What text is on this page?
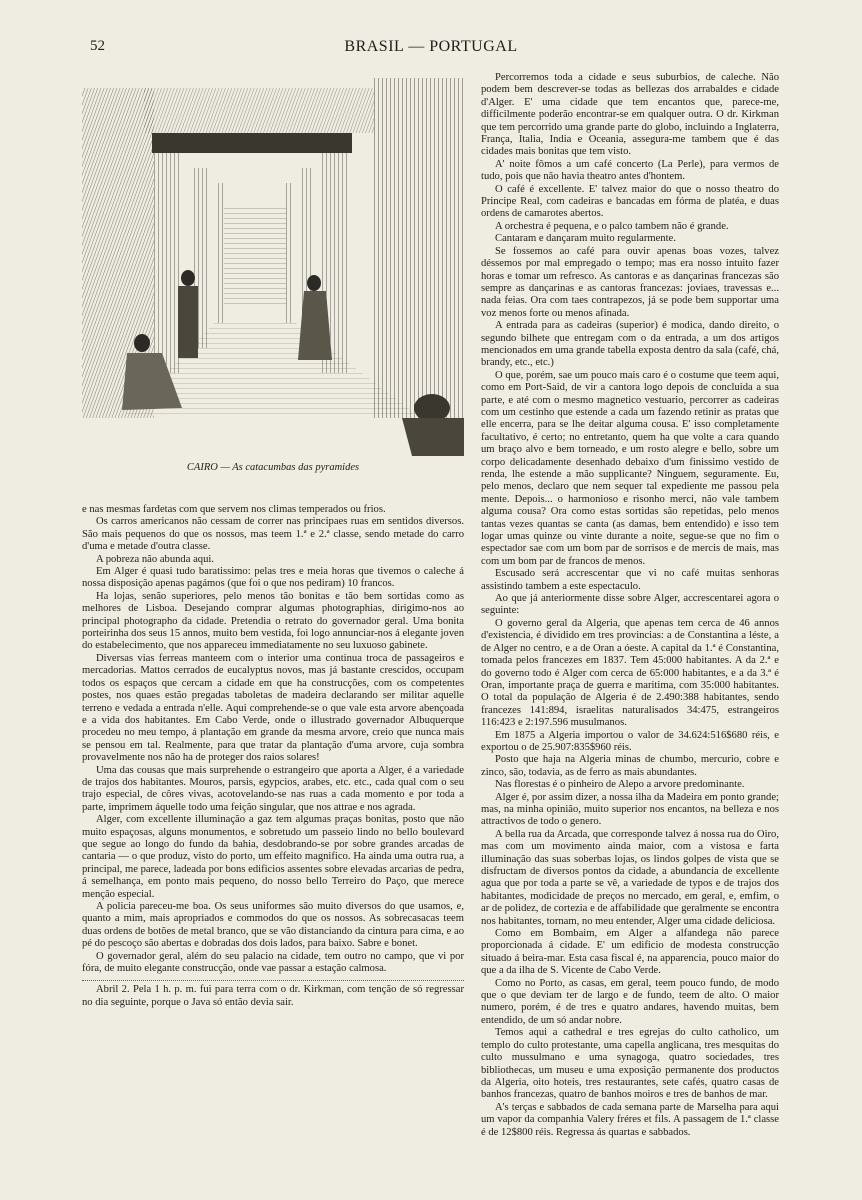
52	BRASIL — PORTUGAL
CAIRO — As catacumbas das pyramides

e nas mesmas fardetas com que servem nos climas temperados ou frios.

Os carros americanos não cessam de correr nas principaes ruas em sentidos diversos. São mais pequenos do que os nossos, mas teem 1.ª e 2.ª classe, sendo metade do carro d'uma e metade d'outra classe.

A pobreza não abunda aqui.

Em Alger é quasi tudo baratissimo: pelas tres e meia horas que tivemos o caleche á nossa disposição apenas pagámos (que foi o que nos pediram) 10 francos.

Ha lojas, senão superiores, pelo menos tão bonitas e tão bem sortidas como as melhores de Lisboa. Desejando comprar algumas photographias, dirigimo-nos ao principal photographo da cidade. Pretendia o retrato do governador geral. Uma bonita porteirinha dos seus 15 annos, muito bem vestida, foi logo annunciar-nos á elegante joven do estabelecimento, que nos appareceu immediatamente no seu luxuoso gabinete.

Diversas vias ferreas manteem com o interior uma continua troca de passageiros e mercadorias. Mattos cerrados de eucalyptus novos, mas já bastante crescidos, occupam todos os espaços que cercam a cidade em que ha construcções, com os competentes postes, nos quaes estão pregadas taboletas de madeira declarando ser militar aquelle terreno e vedada a entrada n'elle. Aqui comprehende-se o que vale esta arvore abençoada e a vida dos habitantes. Em Cabo Verde, onde o illustrado governador Albuquerque procedeu no meu tempo, á plantação em grande da mesma arvore, creio que nunca mais se pensou em tal. Realmente, para que tratar da plantação d'uma arvore, cuja sombra provavelmente nos não ha de proteger dos raios solares!

Uma das cousas que mais surprehende o estrangeiro que aporta a Alger, é a variedade de trajos dos habitantes. Mouros, parsis, egypcios, arabes, etc. etc., cada qual com o seu trajo especial, de côres vivas, acotovelando-se nas ruas a cada momento e por toda a parte, imprimem áquelle todo uma feição singular, que nos attrae e nos agrada.

Alger, com excellente illuminação a gaz tem algumas praças bonitas, posto que não muito espaçosas, alguns monumentos, e sobretudo um passeio lindo no bello boulevard que segue ao longo do fundo da bahia, desdobrando-se por sobre grandes arcadas de cantaria — o que produz, visto do porto, um effeito magnifico. Ha ainda uma outra rua, a principal, me parece, ladeada por bons edificios assentes sobre elevadas arcarias de pedra, á semelhança, em ponto mais pequeno, do nosso bello Terreiro do Paço, que merece menção especial.

A policia pareceu-me boa. Os seus uniformes são muito diversos do que usamos, e, quanto a mim, mais apropriados e commodos do que os nossos. As sobrecasacas teem duas ordens de botões de metal branco, que se vão distanciando da cintura para cima, e ao pé do pescoço são abertas e dobradas dos dois lados, para baixo. Sabre e bonet.

O governador geral, além do seu palacio na cidade, tem outro no campo, que vi por fóra, de muito elegante construcção, onde vae passar a estação calmosa.

Abril 2. Pela 1 h. p. m. fui para terra com o dr. Kirkman, com tenção de só regressar no dia seguinte, porque o Java só então devia sair.

Percorremos toda a cidade e seus suburbios, de caleche. Não podem bem descrever-se todas as bellezas dos arrabaldes e cidade d'Alger. E' uma cidade que tem encantos que, parece-me, difficilmente poderão encontrar-se em qualquer outra. O dr. Kirkman que tem percorrido uma grande parte do globo, incluindo a Inglaterra, França, Italia, India e Oceania, assegura-me tambem que é das cidades mais bonitas que tem visto.

A' noite fômos a um café concerto (La Perle), para vermos de tudo, pois que não havia theatro antes d'hontem.

O café é excellente. E' talvez maior do que o nosso theatro do Principe Real, com cadeiras e bancadas em fórma de platéa, e duas ordens de camarotes abertos.

A orchestra é pequena, e o palco tambem não é grande.

Cantaram e dançaram muito regularmente.

Se fossemos ao café para ouvir apenas boas vozes, talvez déssemos por mal empregado o tempo; mas era nosso intuito fazer horas e tomar um refresco. As cantoras e as dançarinas francezas são sempre as dançarinas e as cantoras francezas: joviaes, travessas e... nada feias. Ora com taes contrapezos, já se pode bem supportar uma voz menos forte ou menos afinada.

A entrada para as cadeiras (superior) é modica, dando direito, o segundo bilhete que entregam com o da entrada, a um dos artigos mencionados em uma grande tabella exposta dentro da sala (café, chá, brandy, etc., etc.)

O que, porém, sae um pouco mais caro é o costume que teem aqui, como em Port-Said, de vir a cantora logo depois de concluida a sua parte, e até com o mesmo magnetico vestuario, percorrer as cadeiras com um cestinho que estende a cada um fazendo retinir as pratas que elle encerra, para se lhe deitar alguma cousa. E' isso completamente facultativo, é certo; no entretanto, quem ha que volte a cara quando um braço alvo e bem torneado, e um rosto alegre e bello, sobre um corpo delicadamente desenhado debaixo d'um finissimo vestido de renda, lhe estende a mão supplicante? Ninguem, seguramente. Eu, pelo menos, declaro que nem sequer tal expediente me passou pela mente. Depois... o harmonioso e risonho merci, não vale tambem alguma cousa? Ora como estas sortidas são repetidas, pelo menos tantas vezes quantas se canta (as damas, bem entendido) e isso tem logar umas quinze ou vinte durante a noite, segue-se que no fim o espectador sae com um bom par de sorrisos e de mercis de mais, mas com um bom par de francos de menos.

Escusado será accrescentar que vi no café muitas senhoras assistindo tambem a este espectaculo.

Ao que já anteriormente disse sobre Alger, accrescentarei agora o seguinte:

O governo geral da Algeria, que apenas tem cerca de 46 annos d'existencia, é dividido em tres provincias: a de Constantina a léste, a de Alger no centro, e a de Oran a óeste. A capital da 1.ª é Constantina, tomada pelos francezes em 1837. Tem 45:000 habitantes. A da 2.ª e do governo todo é Alger com cerca de 65:000 habitantes, e a da 3.ª é Oran, importante praça de guerra e maritima, com 35:000 habitantes. O total da população de Algeria é de 2.490:388 habitantes, sendo francezes 141:894, israelitas naturalisados 34:475, estrangeiros 116:423 e 2:197.596 musulmanos.

Em 1875 a Algeria importou o valor de 34.624:516$680 réis, e exportou o de 25.907:835$960 réis.

Posto que haja na Algeria minas de chumbo, mercurio, cobre e zinco, são, todavia, as de ferro as mais abundantes.

Nas florestas é o pinheiro de Alepo a arvore predominante.

Alger é, por assim dizer, a nossa ilha da Madeira em ponto grande; mas, na minha opinião, muito superior nos encantos, na belleza e nos attractivos de todo o genero.

A bella rua da Arcada, que corresponde talvez á nossa rua do Oiro, mas com um movimento ainda maior, com a vistosa e farta illuminação das suas soberbas lojas, os lindos golpes de vista que se disfructam de diversos pontos da cidade, a abundancia de excellente agua que por toda a parte se vê, a variedade de typos e de trajos dos habitantes, modicidade de preços no mercado, em geral, e, emfim, o ar de polidez, de cortezia e de affabilidade que geralmente se encontra nos habitantes, tornam, no meu entender, Alger uma cidade deliciosa.

Como em Bombaim, em Alger a alfandega não parece proporcionada á cidade. E' um edificio de modesta construcção situado á beira-mar. Esta casa fiscal é, na apparencia, pouco maior do que a da ilha de S. Vicente de Cabo Verde.

Como no Porto, as casas, em geral, teem pouco fundo, de modo que o que deviam ter de largo e de fundo, teem de alto. O maior numero, porém, é de tres e quatro andares, havendo muitas, bem entendido, de um só andar nobre.

Temos aqui a cathedral e tres egrejas do culto catholico, um templo do culto protestante, uma capella anglicana, tres mesquitas do culto mussulmano e uma synagoga, quatro sociedades, tres bibliothecas, um museu e uma exposição permanente dos productos da Algeria, oito hoteis, tres restaurantes, sete cafés, quatro casas de banhos francezas, quatro de banhos moiros e tres de banhos de mar.

A's terças e sabbados de cada semana parte de Marselha para aqui um vapor da companhia Valery fréres et fils. A passagem de 1.ª classe é de 12$800 réis. Regressa ás quartas e sabbados.
